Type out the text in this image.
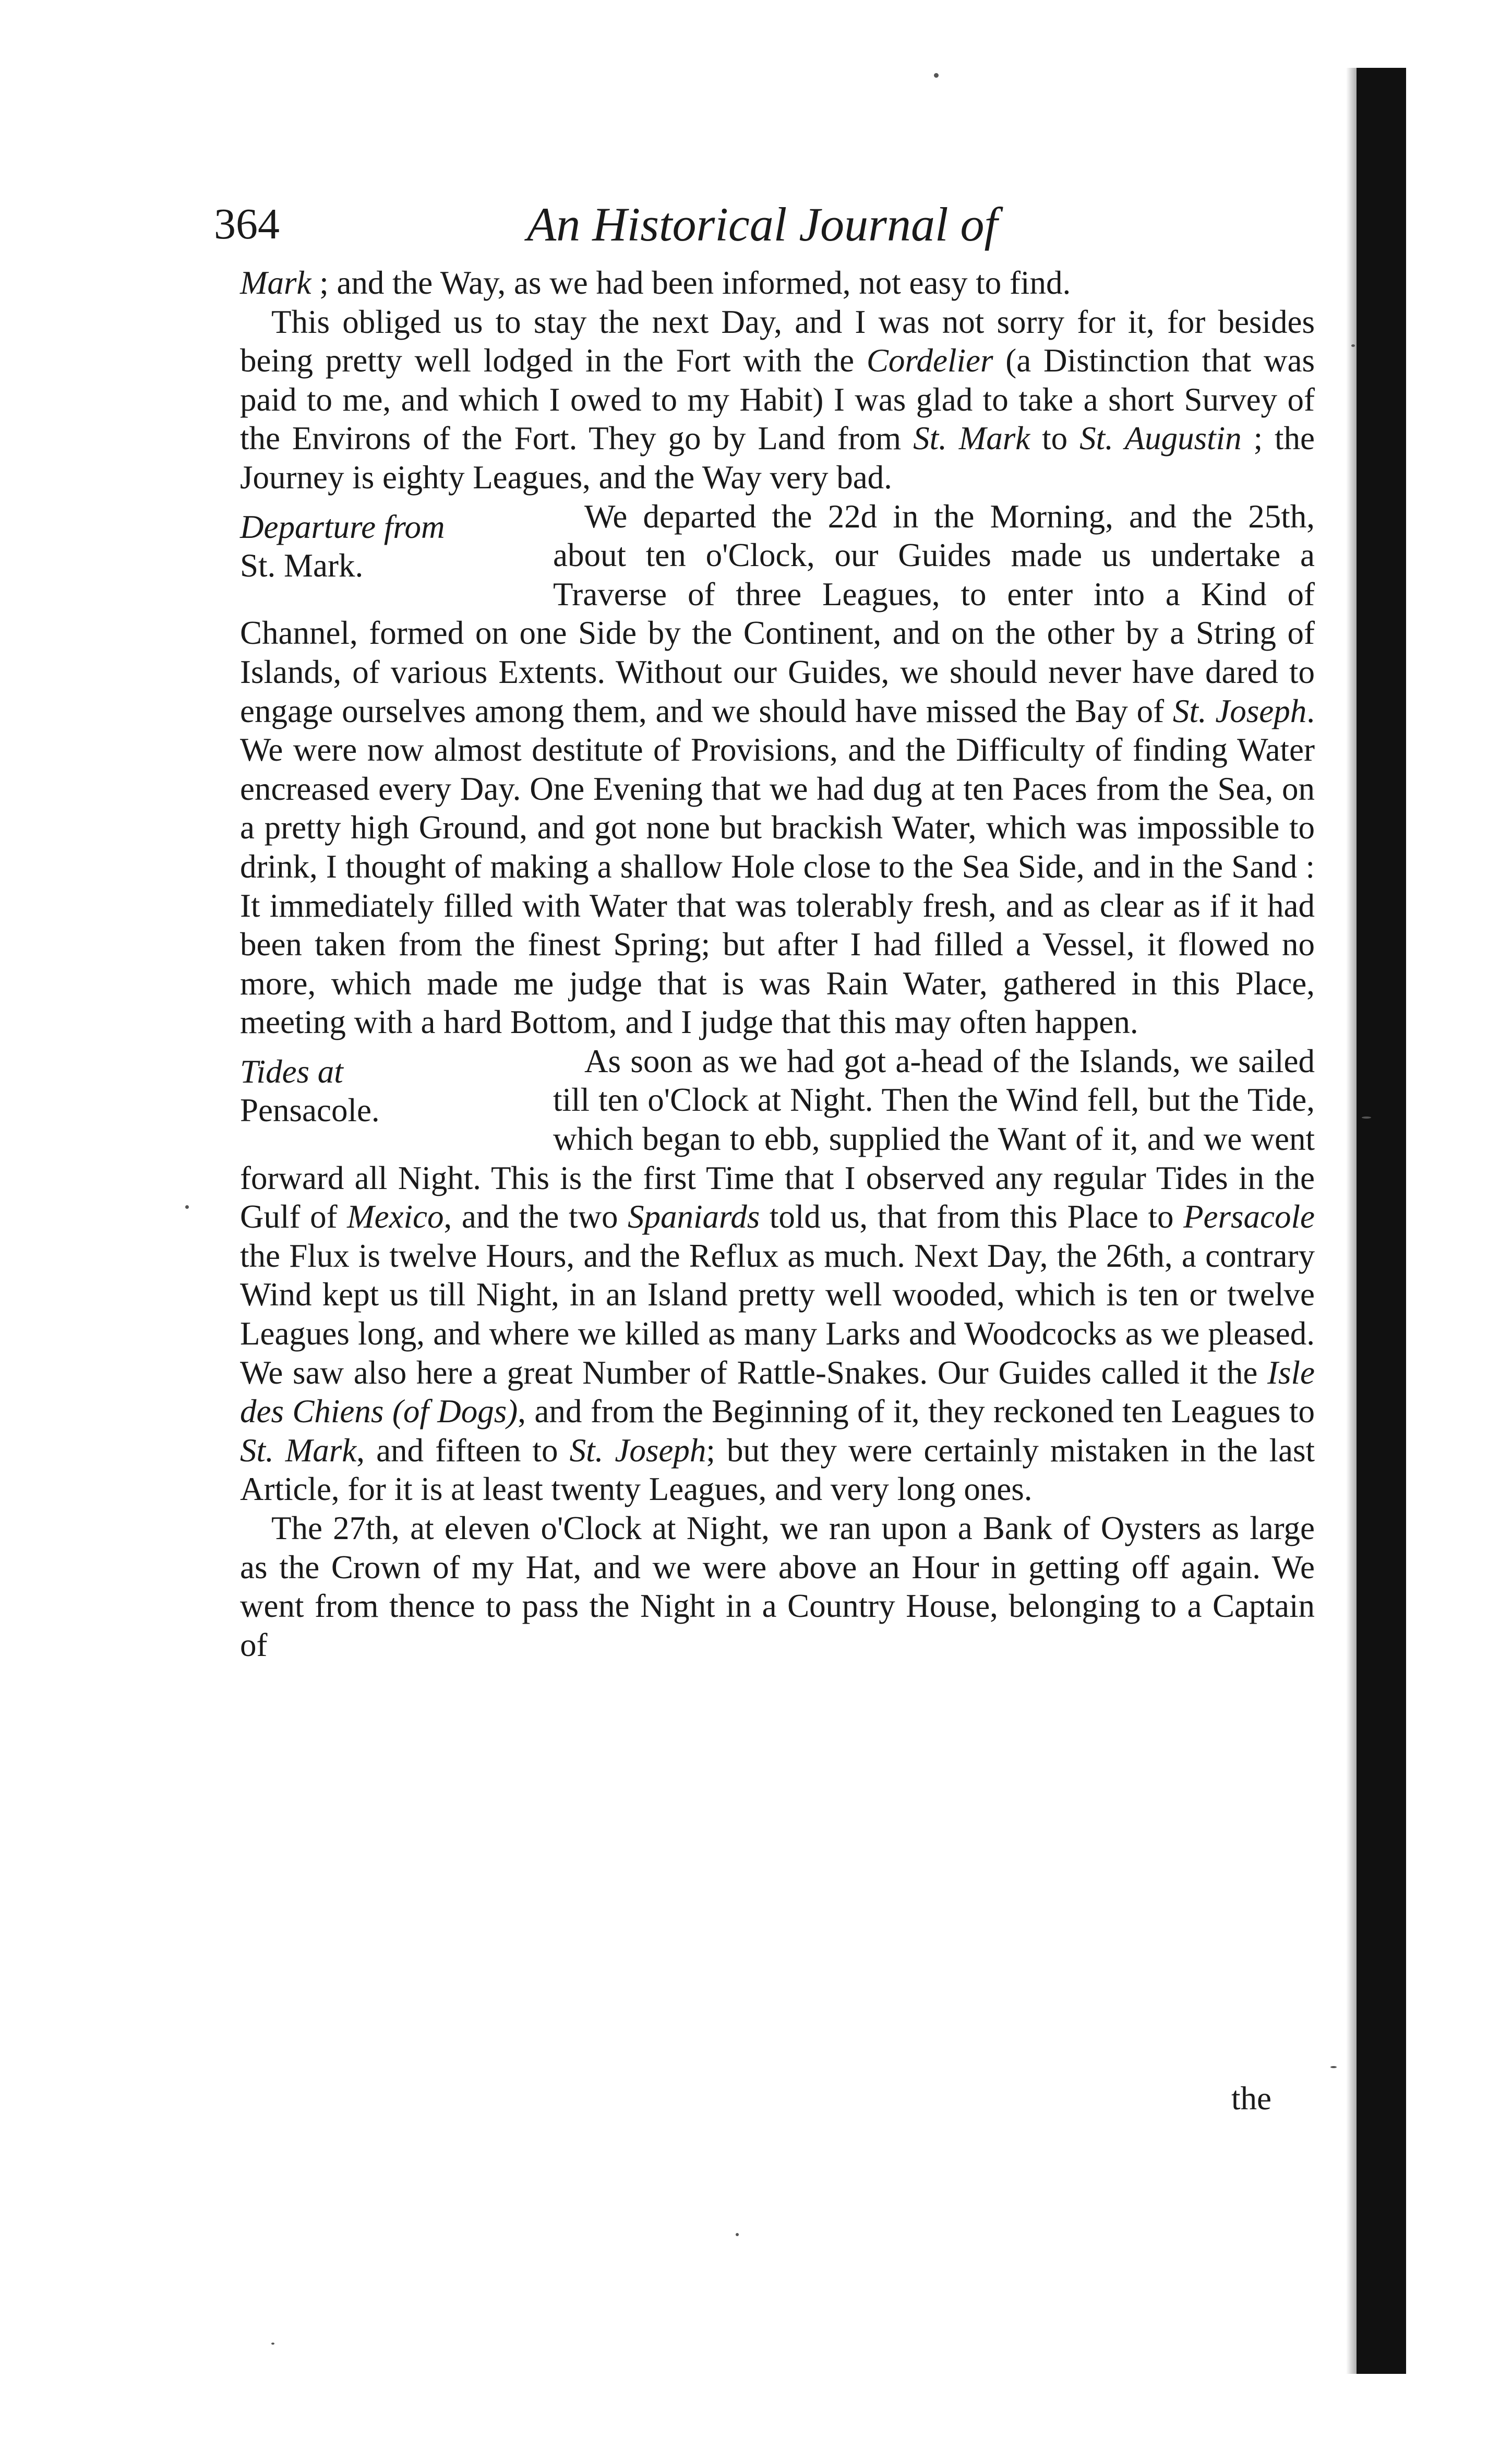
364	An Historical Journal of

Mark ; and the Way, as we had been informed, not easy to find.

This obliged us to stay the next Day, and I was not sorry for it, for besides being pretty well lodged in the Fort with the Cordelier (a Distinction that was paid to me, and which I owed to my Habit) I was glad to take a short Survey of the Environs of the Fort. They go by Land from St. Mark to St. Augustin ; the Journey is eighty Leagues, and the Way very bad.

Departure from
St. Mark.
We departed the 22d in the Morning, and the 25th, about ten o'Clock, our Guides made us undertake a Traverse of three Leagues, to enter into a Kind of Channel, formed on one Side by the Continent, and on the other by a String of Islands, of various Extents. Without our Guides, we should never have dared to engage ourselves among them, and we should have missed the Bay of St. Joseph. We were now almost destitute of Provisions, and the Difficulty of finding Water encreased every Day. One Evening that we had dug at ten Paces from the Sea, on a pretty high Ground, and got none but brackish Water, which was impossible to drink, I thought of making a shallow Hole close to the Sea Side, and in the Sand : It immediately filled with Water that was tolerably fresh, and as clear as if it had been taken from the finest Spring; but after I had filled a Vessel, it flowed no more, which made me judge that is was Rain Water, gathered in this Place, meeting with a hard Bottom, and I judge that this may often happen.

Tides at
Pensacole.
As soon as we had got a-head of the Islands, we sailed till ten o'Clock at Night. Then the Wind fell, but the Tide, which began to ebb, supplied the Want of it, and we went forward all Night. This is the first Time that I observed any regular Tides in the Gulf of Mexico, and the two Spaniards told us, that from this Place to Persacole the Flux is twelve Hours, and the Reflux as much. Next Day, the 26th, a contrary Wind kept us till Night, in an Island pretty well wooded, which is ten or twelve Leagues long, and where we killed as many Larks and Woodcocks as we pleased. We saw also here a great Number of Rattle-Snakes. Our Guides called it the Isle des Chiens (of Dogs), and from the Beginning of it, they reckoned ten Leagues to St. Mark, and fifteen to St. Joseph; but they were certainly mistaken in the last Article, for it is at least twenty Leagues, and very long ones.

The 27th, at eleven o'Clock at Night, we ran upon a Bank of Oysters as large as the Crown of my Hat, and we were above an Hour in getting off again. We went from thence to pass the Night in a Country House, belonging to a Captain of

the
